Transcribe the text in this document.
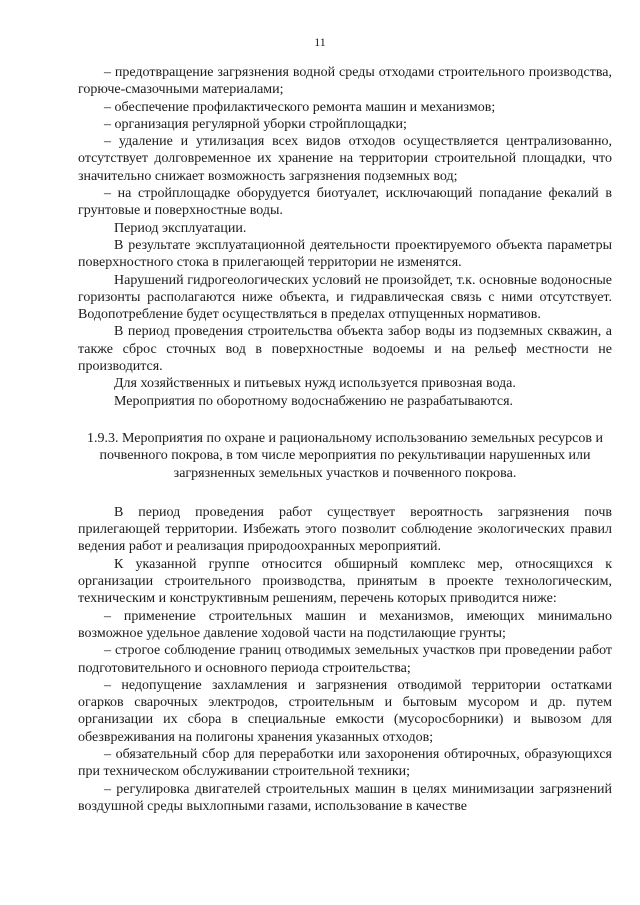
11

– предотвращение загрязнения водной среды отходами строительного производства, горюче-смазочными материалами;

– обеспечение профилактического ремонта машин и механизмов;

– организация регулярной уборки стройплощадки;

– удаление и утилизация всех видов отходов осуществляется централизованно, отсутствует долговременное их хранение на территории строительной площадки, что значительно снижает возможность загрязнения подземных вод;

– на стройплощадке оборудуется биотуалет, исключающий попадание фекалий в грунтовые и поверхностные воды.

Период эксплуатации.

В результате эксплуатационной деятельности проектируемого объекта параметры поверхностного стока в прилегающей территории не изменятся.

Нарушений гидрогеологических условий не произойдет, т.к. основные водоносные горизонты располагаются ниже объекта, и гидравлическая связь с ними отсутствует. Водопотребление будет осуществляться в пределах отпущенных нормативов.

В период проведения строительства объекта забор воды из подземных скважин, а также сброс сточных вод в поверхностные водоемы и на рельеф местности не производится.

Для хозяйственных и питьевых нужд используется привозная вода.

Мероприятия по оборотному водоснабжению не разрабатываются.

1.9.3. Мероприятия по охране и рациональному использованию земельных ресурсов и почвенного покрова, в том числе мероприятия по рекультивации нарушенных или загрязненных земельных участков и почвенного покрова.

В период проведения работ существует вероятность загрязнения почв прилегающей территории. Избежать этого позволит соблюдение экологических правил ведения работ и реализация природоохранных мероприятий.

К указанной группе относится обширный комплекс мер, относящихся к организации строительного производства, принятым в проекте технологическим, техническим и конструктивным решениям, перечень которых приводится ниже:

– применение строительных машин и механизмов, имеющих минимально возможное удельное давление ходовой части на подстилающие грунты;

– строгое соблюдение границ отводимых земельных участков при проведении работ подготовительного и основного периода строительства;

– недопущение захламления и загрязнения отводимой территории остатками огарков сварочных электродов, строительным и бытовым мусором и др. путем организации их сбора в специальные емкости (мусоросборники) и вывозом для обезвреживания на полигоны хранения указанных отходов;

– обязательный сбор для переработки или захоронения обтирочных, образующихся при техническом обслуживании строительной техники;

– регулировка двигателей строительных машин в целях минимизации загрязнений воздушной среды выхлопными газами, использование в качестве
